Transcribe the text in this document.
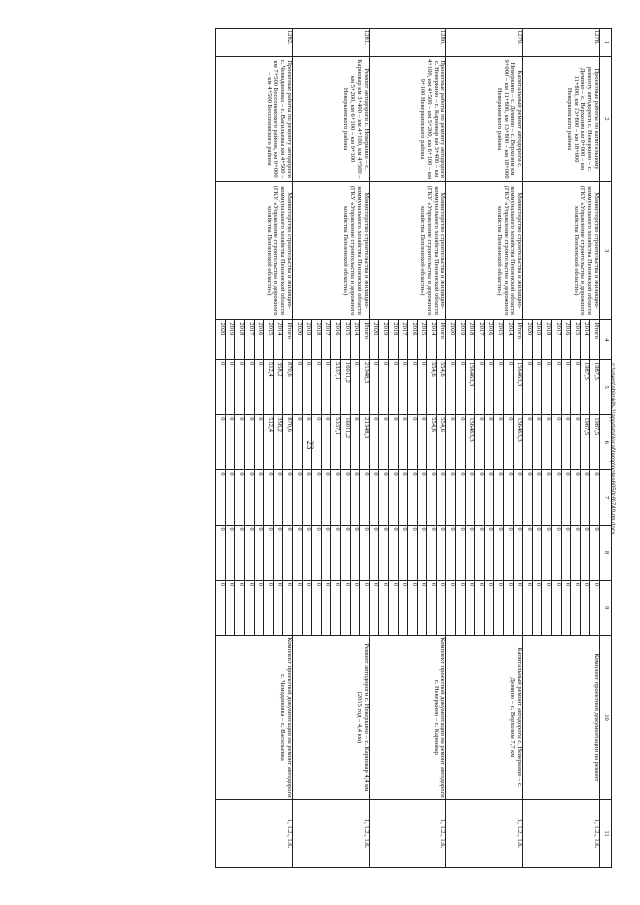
23
1	2	3	4	5	6	7	8	9	10	11
1278.	Проектные работы по капитальному ремонту автодороги с. Неверкино – с. Демино – с. Верхозим км 9+000 – км 11+800, км 13+800 – км 18+000 Неверкинского района	Министерство строительства и жилищно-коммунального хозяйства Пензенской области (ГКУ «Управление строительства и дорожного хозяйства Пензенской области»)	Итого	1987,5	1987,5	0	0	0	Комплект проектной документации на ремонт	1, 1.2., 1.6.
			2014	1987,5	1987,5	0	0	0		
			2015	0	0	0	0	0		
			2016	0	0	0	0	0		
			2017	0	0	0	0	0		
			2018	0	0	0	0	0		
			2019	0	0	0	0	0		
			2020	0	0	0	0	0		
1279.	Капитальный ремонт автодороги с. Неверкино – с. Демино – с. Верхозим км 9+000 – км 11+800, км 13+800 – км 18+000 Неверкинского района	Министерство строительства и жилищно-коммунального хозяйства Пензенской области (ГКУ «Управление строительства и дорожного хозяйства Пензенской области»)	Итого	156463,3	156463,3	0	0	0	Капитальный ремонт автодороги с. Неверкино – с. Демино – с. Верхозим 7,7 км	1, 1.2., 1.6.
			2014	0	0	0	0	0		
			2015	0	0	0	0	0		
			2016	0	0	0	0	0		
			2017	0	0	0	0	0		
			2018	156463,3	156463,3	0	0	0		
			2019	0	0	0	0	0		
			2020	0	0	0	0	0		
1280.	Проектные работы по ремонту автодороги с. Неверкино – с. Карновар км 3+400 – км 4+100, км 4+500 – км 5+200, км 6+100 – км 9+100 Неверкинского района	Министерство строительства и жилищно-коммунального хозяйства Пензенской области (ГКУ «Управление строительства и дорожного хозяйства Пензенской области»)	Итого	554,6	554,6	0	0	0	Комплект проектной документации на ремонт автодороги с. Неверкино – с. Карновар	1, 1.2., 1.6.
			2014	554,6	554,6	0	0	0		
			2015	0	0	0	0	0		
			2016	0	0	0	0	0		
			2017	0	0	0	0	0		
			2018	0	0	0	0	0		
			2019	0	0	0	0	0		
			2020	0	0	0	0	0		
1281.	Ремонт автодороги с. Неверкино – с. Карновар км 3+400 – км 4+100, км 4+500 – км 5+200, км 6+100 – км 9+100 Неверкинского района	Министерство строительства и жилищно-коммунального хозяйства Пензенской области (ГКУ «Управление строительства и дорожного хозяйства Пензенской области»)	Итого	21348,3	21348,3	0	0	0	Ремонт автодороги с. Неверкино – с. Карновар 4,4 км (2015 год – 4,4 км)	1, 1.2., 1.6.
			2014	0	0	0	0	0		
			2015	16011,2	16011,2	0	0	0		
			2016	5337,1	5337,1	0	0	0		
			2017	0	0	0	0	0		
			2018	0	0	0	0	0		
			2019	0	0	0	0	0		
			2020	0	0	0	0	0		
1282.	Проектные работы по ремонту автодороги с. Чемодановка – с. Васильевка км 4+500 – км 7+500 Бессоновского района, км 0+000 – км 4+500 Бессоновского района	Министерство строительства и жилищно-коммунального хозяйства Пензенской области (ГКУ «Управление строительства и дорожного хозяйства Пензенской области»)	Итого	870,6	870,6	0	0	0	Комплект проектной документации на ремонт автодороги с. Чемодановка – с. Васильевка	1, 1.2., 1.6.
			2014	358,2	358,2	0	0	0		
			2015	512,4	512,4	0	0	0		
			2016	0	0	0	0	0		
			2017	0	0	0	0	0		
			2018	0	0	0	0	0		
			2019	0	0	0	0	0		
			2020	0	0	0	0	0		
c:\users\shirokih-1\appdata\local\temp\notes6050c8\749-пп.docx
